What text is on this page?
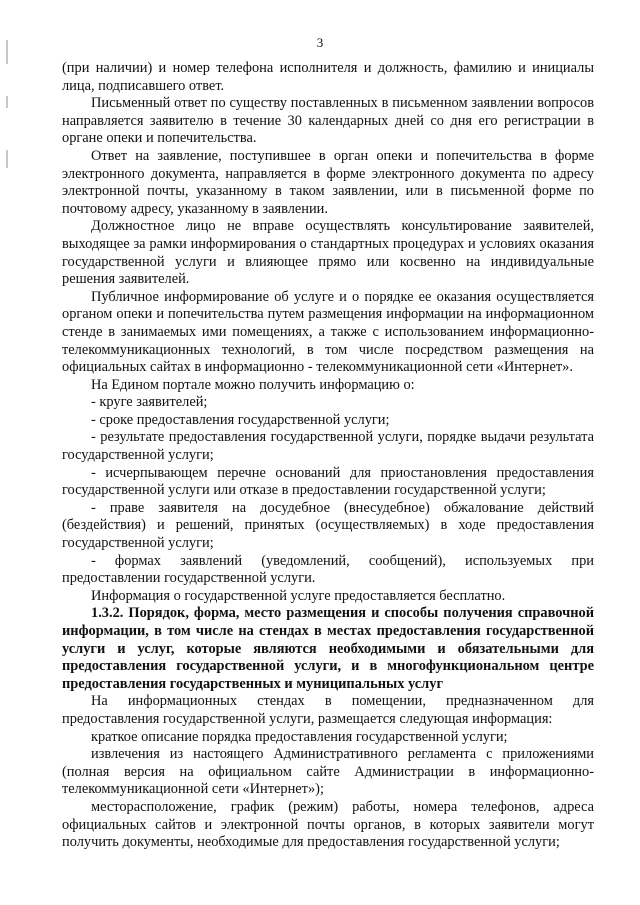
3

(при наличии) и номер телефона исполнителя и должность, фамилию и инициалы лица, подписавшего ответ.

Письменный ответ по существу поставленных в письменном заявлении вопросов направляется заявителю в течение 30 календарных дней со дня его регистрации в органе опеки и попечительства.

Ответ на заявление, поступившее в орган опеки и попечительства в форме электронного документа, направляется в форме электронного документа по адресу электронной почты, указанному в таком заявлении, или в письменной форме по почтовому адресу, указанному в заявлении.

Должностное лицо не вправе осуществлять консультирование заявителей, выходящее за рамки информирования о стандартных процедурах и условиях оказания государственной услуги и влияющее прямо или косвенно на индивидуальные решения заявителей.

Публичное информирование об услуге и о порядке ее оказания осуществляется органом опеки и попечительства путем размещения информации на информационном стенде в занимаемых ими помещениях, а также с использованием информационно-телекоммуникационных технологий, в том числе посредством размещения на официальных сайтах в информационно - телекоммуникационной сети «Интернет».

На Едином портале можно получить информацию о:

- круге заявителей;

- сроке предоставления государственной услуги;

- результате предоставления государственной услуги, порядке выдачи результата государственной услуги;

- исчерпывающем перечне оснований для приостановления предоставления государственной услуги или отказе в предоставлении государственной услуги;

- праве заявителя на досудебное (внесудебное) обжалование действий (бездействия) и решений, принятых (осуществляемых) в ходе предоставления государственной услуги;

- формах заявлений (уведомлений, сообщений), используемых при предоставлении государственной услуги.

Информация о государственной услуге предоставляется бесплатно.

1.3.2. Порядок, форма, место размещения и способы получения справочной информации, в том числе на стендах в местах предоставления государственной услуги и услуг, которые являются необходимыми и обязательными для предоставления государственной услуги, и в многофункциональном центре предоставления государственных и муниципальных услуг

На информационных стендах в помещении, предназначенном для предоставления государственной услуги, размещается следующая информация:

краткое описание порядка предоставления государственной услуги;

извлечения из настоящего Административного регламента с приложениями (полная версия на официальном сайте Администрации в информационно-телекоммуникационной сети «Интернет»);

месторасположение, график (режим) работы, номера телефонов, адреса официальных сайтов и электронной почты органов, в которых заявители могут получить документы, необходимые для предоставления государственной услуги;
